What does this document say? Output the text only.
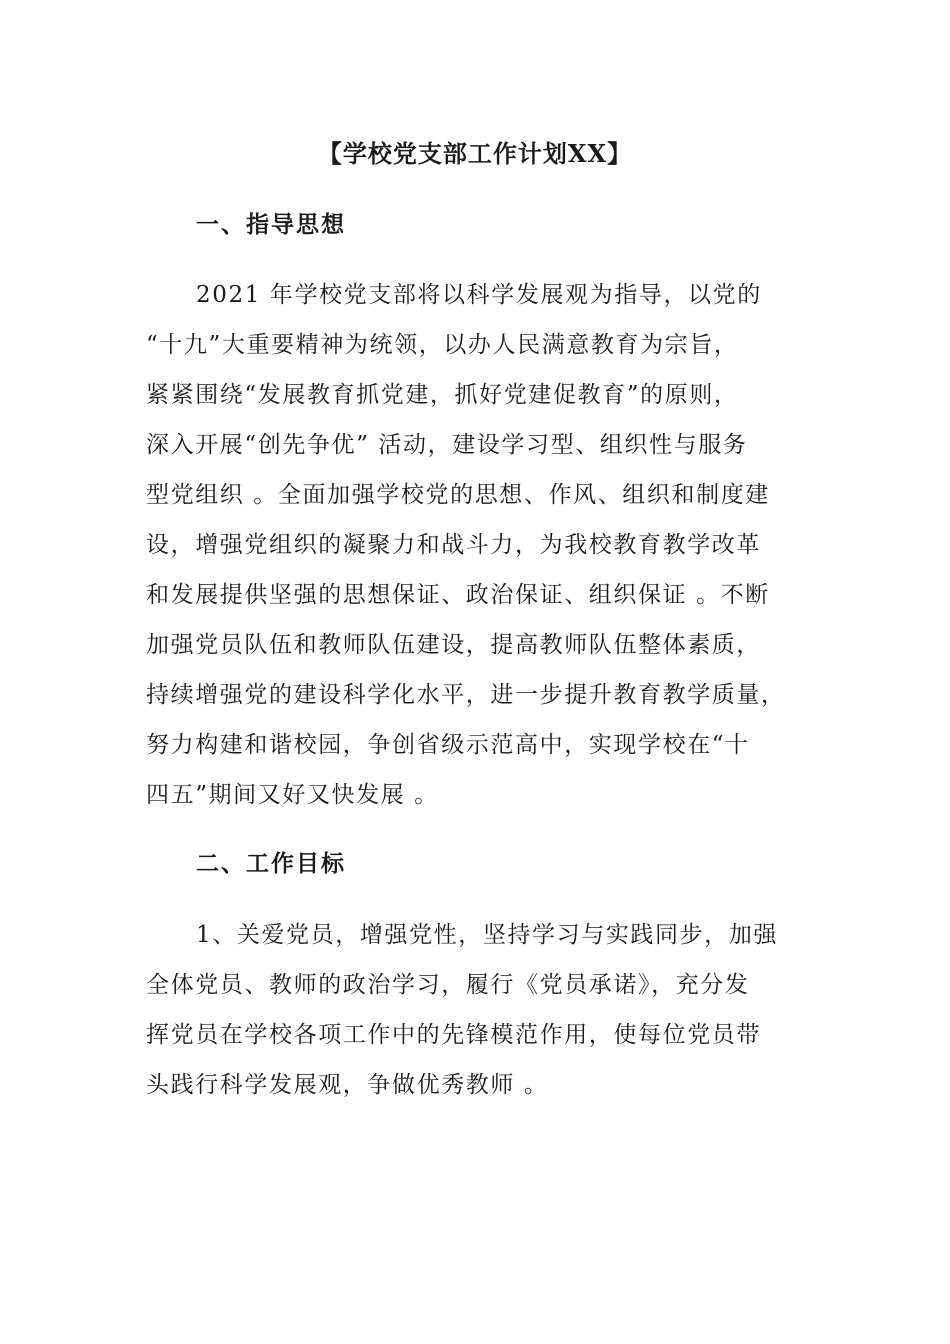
【学校党支部工作计划XX】
一、指导思想
2021 年学校党支部将以科学发展观为指导，以党的
“十九”大重要精神为统领，以办人民满意教育为宗旨，
紧紧围绕“发展教育抓党建，抓好党建促教育”的原则，
深入开展“创先争优” 活动，建设学习型、组织性与服务
型党组织 。全面加强学校党的思想、作风、组织和制度建
设，增强党组织的凝聚力和战斗力，为我校教育教学改革
和发展提供坚强的思想保证、政治保证、组织保证 。不断
加强党员队伍和教师队伍建设，提高教师队伍整体素质，
持续增强党的建设科学化水平，进一步提升教育教学质量，
努力构建和谐校园，争创省级示范高中，实现学校在“十
四五”期间又好又快发展 。
二、工作目标
1、关爱党员，增强党性，坚持学习与实践同步，加强
全体党员、教师的政治学习，履行《党员承诺》，充分发
挥党员在学校各项工作中的先锋模范作用，使每位党员带
头践行科学发展观，争做优秀教师 。
